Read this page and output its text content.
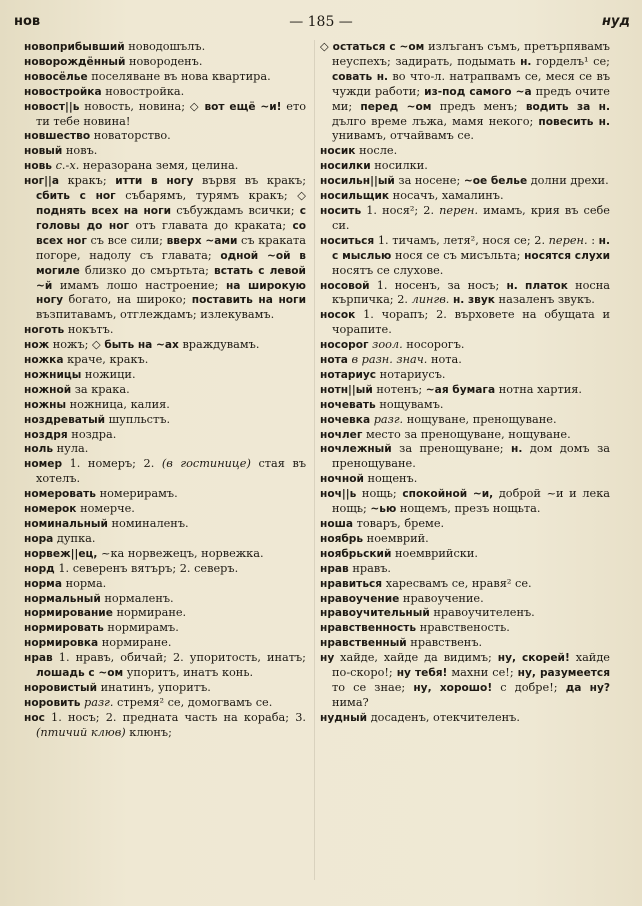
нов	— 185 —	нуд

новоприбывший новодошълъ.

новорождённый новороденъ.

новосёлье поселяване въ нова квартира.

новостройка новостройка.

новост||ь новость, новина; ◇ вот ещё ~и! ето ти тебе новина!

новшество новаторство.

новый новъ.

новь с.-х. неразорана земя, целина.

ног||а кракъ; итти в ногу вървя въ кракъ; сбить с ног събарямъ, турямъ кракъ; ◇ поднять всех на ноги събуждамъ всички; с головы до ног отъ главата до краката; со всех ног съ все сили; вверх ~ами съ краката погоре, надолу съ главата; одной ~ой в могиле близко до смъртьта; встать с левой ~й имамъ лошо настроение; на широкую ногу богато, на широко; поставить на ноги възпитавамъ, отглеждамъ; излекувамъ.

ноготь нокътъ.

нож ножъ; ◇ быть на ~ах враждувамъ.

ножка краче, кракъ.

ножницы ножици.

ножной за крака.

ножны ножница, калия.

ноздреватый шупльстъ.

ноздря ноздра.

ноль нула.

номер 1. номеръ; 2. (в гостинице) стая въ хотелъ.

номеровать номерирамъ.

номерок номерче.

номинальный номиналенъ.

нора дупка.

норвеж||ец, ~ка норвежецъ, норвежка.

норд 1. северенъ вятъръ; 2. северъ.

норма норма.

нормальный нормаленъ.

нормирование нормиране.

нормировать нормирамъ.

нормировка нормиране.

нрав 1. нравъ, обичай; 2. упоритость, инатъ; лошадь с ~ом упоритъ, инатъ конь.

норовистый инатинъ, упоритъ.

норовить разг. стремя² се, домогвамъ се.

нос 1. носъ; 2. предната часть на кораба; 3. (птичий клюв) клюнъ;

◇ остаться с ~ом излъганъ съмъ, претърпявамъ неуспехъ; задирать, подымать н. горделъ¹ се; совать н. во что-л. натрапвамъ се, меся се въ чужди работи; из-под самого ~а предъ очите ми; перед ~ом предъ менъ; водить за н. дълго време лъжа, мамя некого; повесить н. унивамъ, отчайвамъ се.

носик носле.

носилки носилки.

носильн||ый за носене; ~ое белье долни дрехи.

носильщик носачъ, хамалинъ.

носить 1. нося²; 2. перен. имамъ, крия въ себе си.

носиться 1. тичамъ, летя², нося се; 2. перен. : н. с мыслью нося се съ мисъльта; носятся слухи носятъ се слухове.

носовой 1. носенъ, за носъ; н. платок носна кърпичка; 2. лингв. н. звук назаленъ звукъ.

носок 1. чорапъ; 2. върховете на обущата и чорапите.

носорог зоол. носорогъ.

нота в разн. знач. нота.

нотариус нотариусъ.

нотн||ый нотенъ; ~ая бумага нотна хартия.

ночевать нощувамъ.

ночевка разг. нощуване, пренощуване.

ночлег место за пренощуване, нощуване.

ночлежный за пренощуване; н. дом домъ за пренощуване.

ночной нощенъ.

ноч||ь нощь; спокойной ~и, доброй ~и и лека нощь; ~ью нощемъ, презъ нощьта.

ноша товаръ, бреме.

ноябрь ноемврий.

ноябрьский ноемврийски.

нрав нравъ.

нравиться харесвамъ се, нравя² се.

нравоучение нравоучение.

нравоучительный нравоучителенъ.

нравственность нравственость.

нравственный нравственъ.

ну хайде, хайде да видимъ; ну, скорей! хайде по-скоро!; ну тебя! махни се!; ну, разумеется то се знае; ну, хорошо! с добре!; да ну? нима?

нудный досаденъ, отекчителенъ.
